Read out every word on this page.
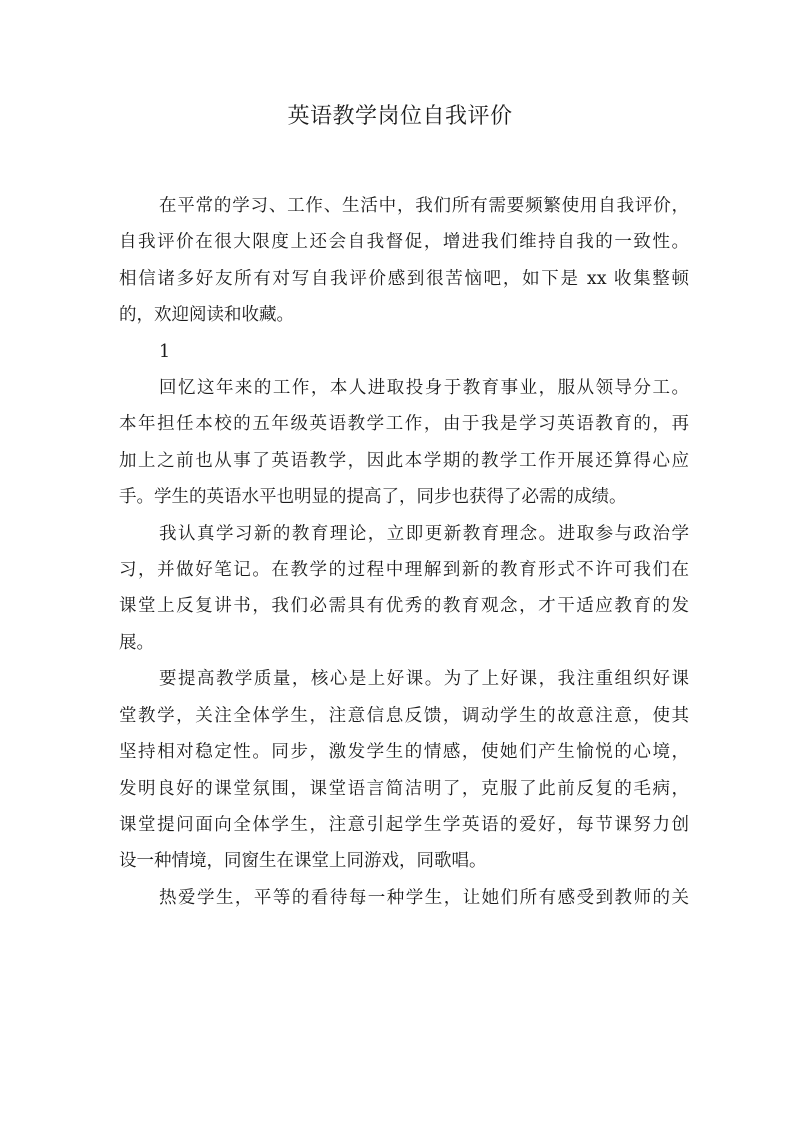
英语教学岗位自我评价
在平常的学习、工作、生活中，我们所有需要频繁使用自我评价，
自我评价在很大限度上还会自我督促，增进我们维持自我的一致性。
相信诸多好友所有对写自我评价感到很苦恼吧，如下是 xx 收集整顿
的，欢迎阅读和收藏。
1
回忆这年来的工作，本人进取投身于教育事业，服从领导分工。
本年担任本校的五年级英语教学工作，由于我是学习英语教育的，再
加上之前也从事了英语教学，因此本学期的教学工作开展还算得心应
手。学生的英语水平也明显的提高了，同步也获得了必需的成绩。
我认真学习新的教育理论，立即更新教育理念。进取参与政治学
习，并做好笔记。在教学的过程中理解到新的教育形式不许可我们在
课堂上反复讲书，我们必需具有优秀的教育观念，才干适应教育的发
展。
要提高教学质量，核心是上好课。为了上好课，我注重组织好课
堂教学，关注全体学生，注意信息反馈，调动学生的故意注意，使其
坚持相对稳定性。同步，激发学生的情感，使她们产生愉悦的心境，
发明良好的课堂氛围，课堂语言简洁明了，克服了此前反复的毛病，
课堂提问面向全体学生，注意引起学生学英语的爱好，每节课努力创
设一种情境，同窗生在课堂上同游戏，同歌唱。
热爱学生，平等的看待每一种学生，让她们所有感受到教师的关
